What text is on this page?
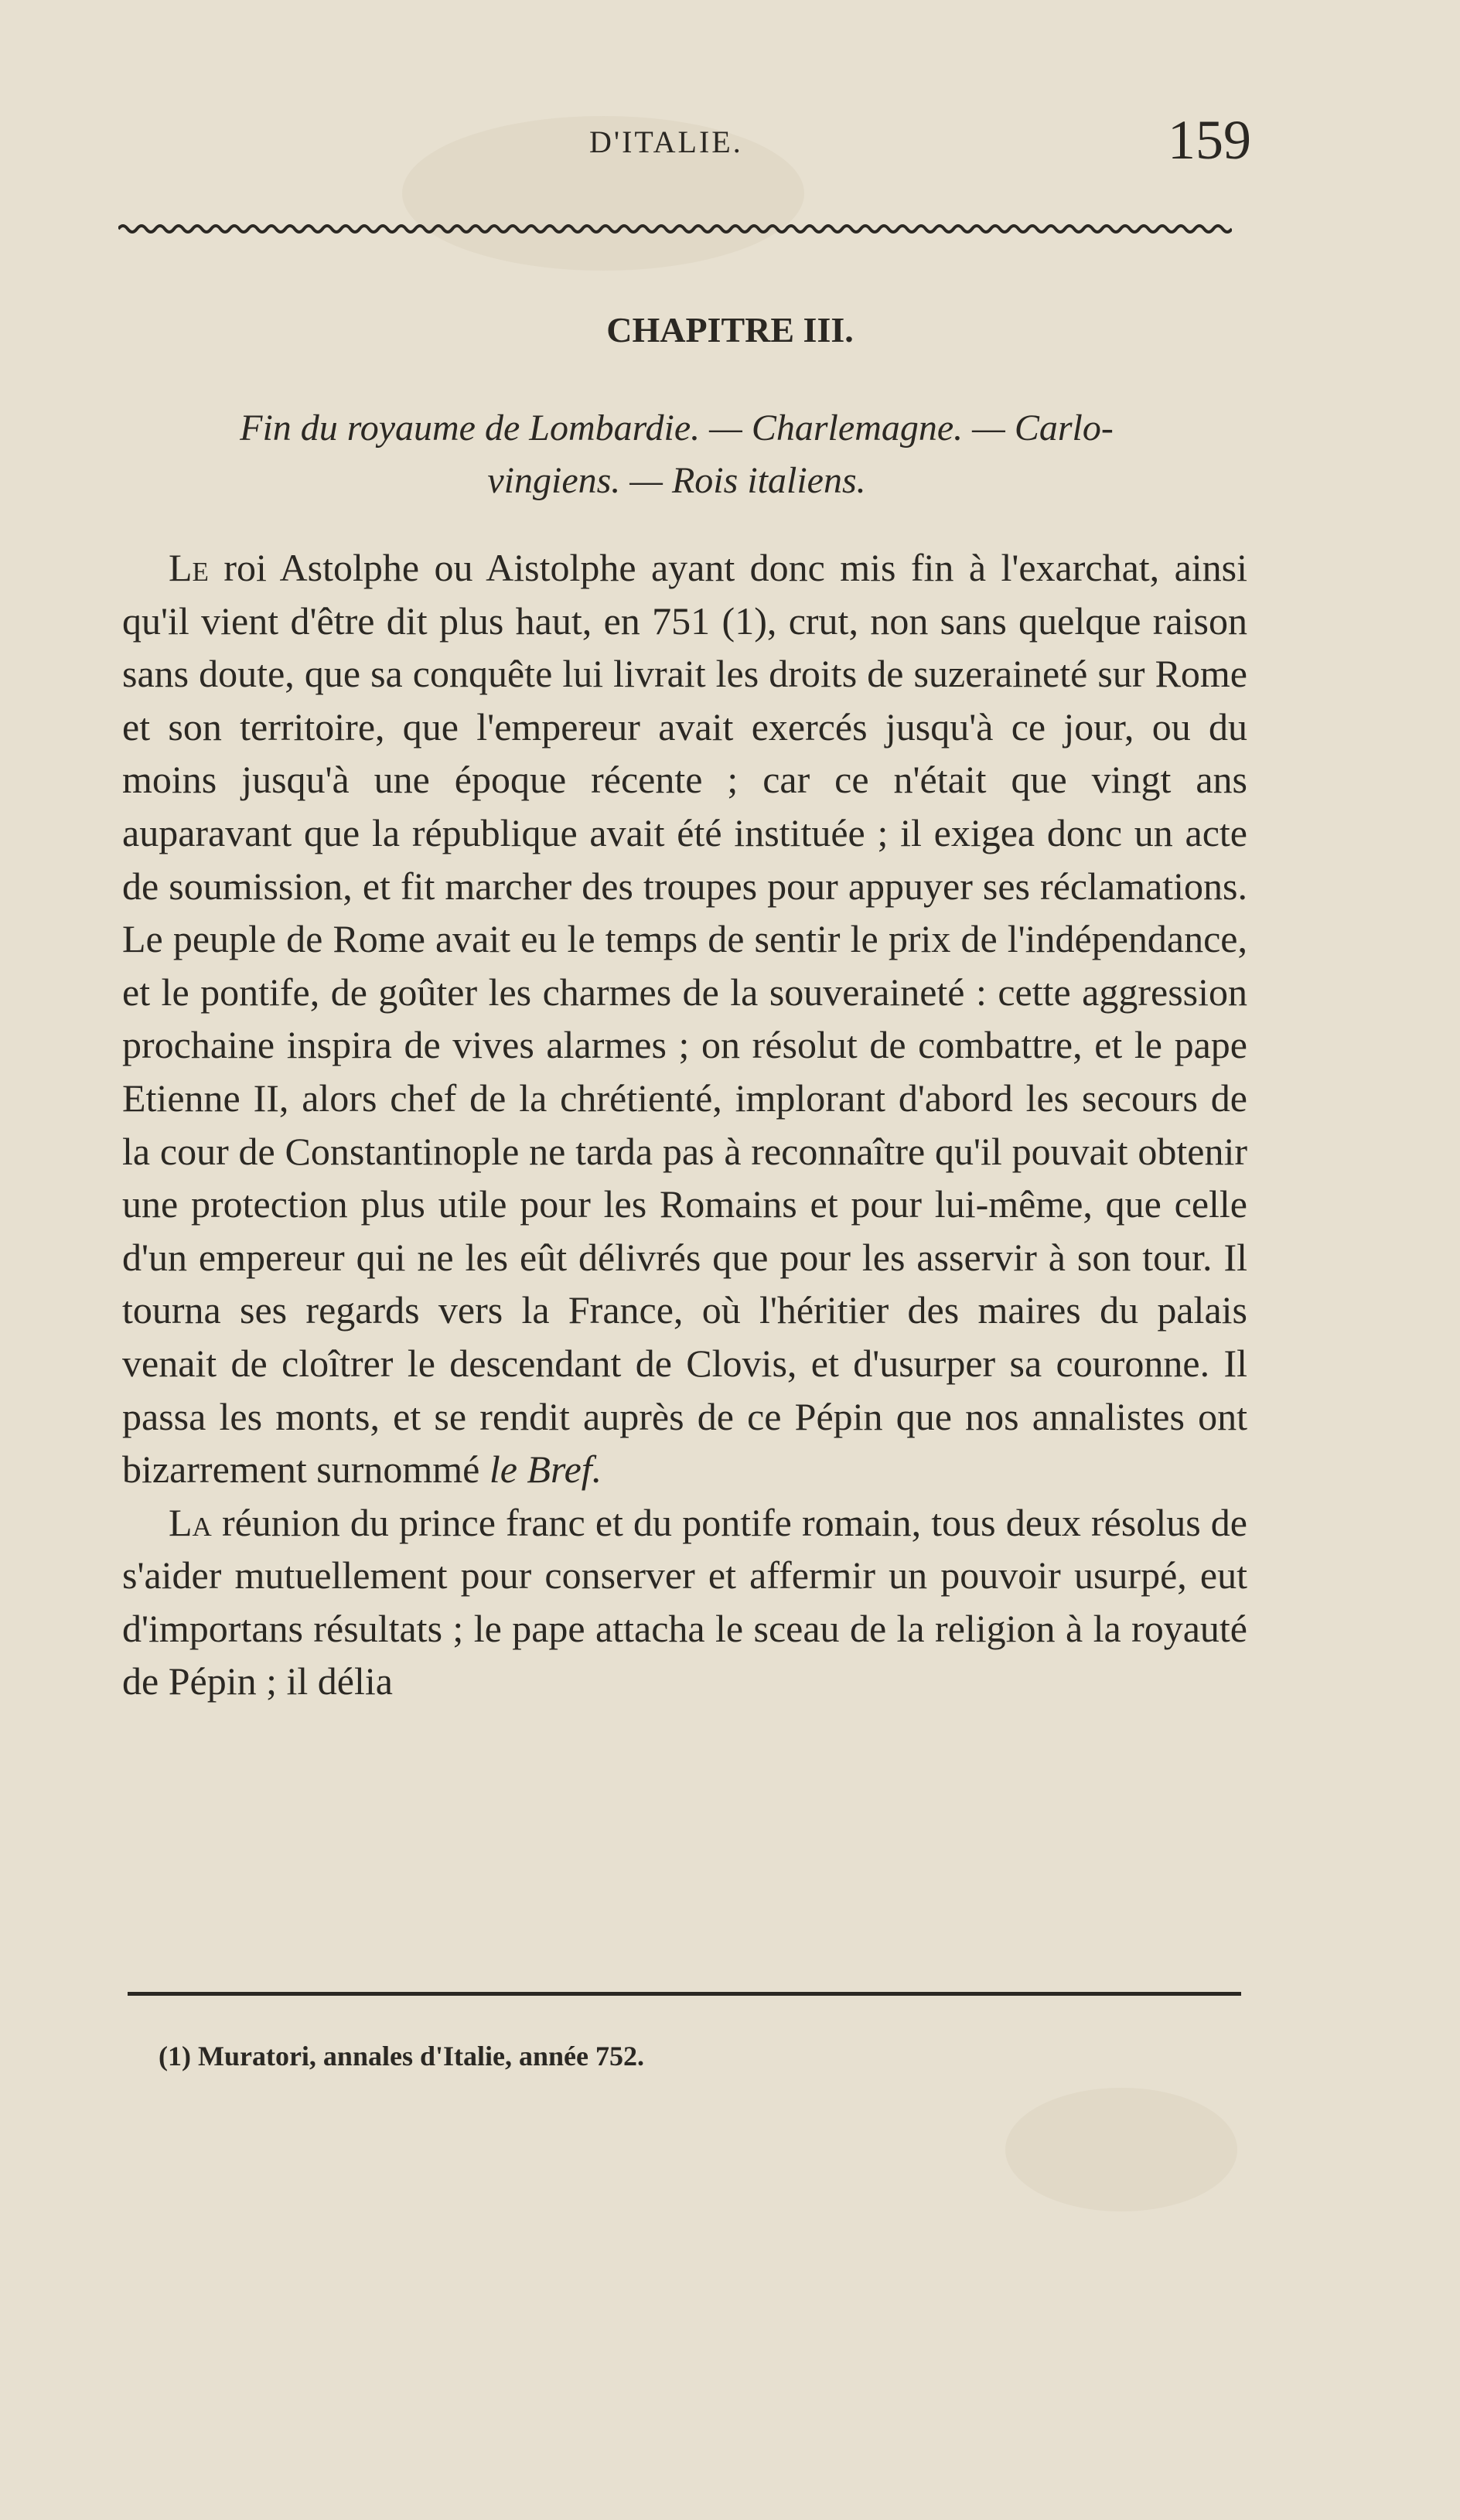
D'ITALIE.	159
CHAPITRE III.
Fin du royaume de Lombardie. — Charlemagne. — Carlo-
vingiens. — Rois italiens.

Le roi Astolphe ou Aistolphe ayant donc mis fin à l'exarchat, ainsi qu'il vient d'être dit plus haut, en 751 (1), crut, non sans quelque raison sans doute, que sa conquête lui livrait les droits de suzeraineté sur Rome et son territoire, que l'empereur avait exercés jusqu'à ce jour, ou du moins jusqu'à une époque récente ; car ce n'était que vingt ans auparavant que la république avait été instituée ; il exigea donc un acte de soumission, et fit marcher des troupes pour appuyer ses réclamations. Le peuple de Rome avait eu le temps de sentir le prix de l'indépendance, et le pontife, de goûter les charmes de la souveraineté : cette aggression prochaine inspira de vives alarmes ; on résolut de combattre, et le pape Etienne II, alors chef de la chrétienté, implorant d'abord les secours de la cour de Constantinople ne tarda pas à reconnaître qu'il pouvait obtenir une protection plus utile pour les Romains et pour lui-même, que celle d'un empereur qui ne les eût délivrés que pour les asservir à son tour. Il tourna ses regards vers la France, où l'héritier des maires du palais venait de cloîtrer le descendant de Clovis, et d'usurper sa couronne. Il passa les monts, et se rendit auprès de ce Pépin que nos annalistes ont bizarrement surnommé le Bref.

La réunion du prince franc et du pontife romain, tous deux résolus de s'aider mutuellement pour conserver et affermir un pouvoir usurpé, eut d'importans résultats ; le pape attacha le sceau de la religion à la royauté de Pépin ; il délia

(1) Muratori, annales d'Italie, année 752.
